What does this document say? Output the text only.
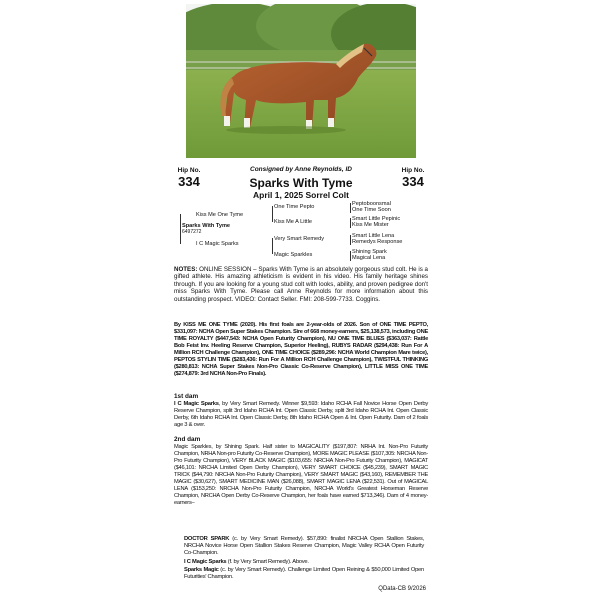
Consigned by Anne Reynolds, ID
Hip No.
334
Hip No.
334
Sparks With Tyme
April 1, 2025 Sorrel Colt
One Time Pepto	Peptoboonsmal
One Time Soon
Kiss Me One Tyme
Kiss Me A Little	Smart Little Pepinic
Kiss Me Mister
Sparks With Tyme
6497272
Very Smart Remedy	Smart Little Lena
Remedys Response
I C Magic Sparks
Magic Sparkles	Shining Spark
Magical Lena
NOTES: ONLINE SESSION – Sparks With Tyme is an absolutely gorgeous stud colt. He is a gifted athlete. His amazing athleticism is evident in his video. His family heritage shines through. If you are looking for a young stud colt with looks, ability, and proven pedigree don't miss Sparks With Tyme. Please call Anne Reynolds for more information about this outstanding prospect. VIDEO: Contact Seller. FMI: 208-599-7733. Coggins.
By KISS ME ONE TYME (2020). His first foals are 2-year-olds of 2026. Son of ONE TIME PEPTO, $331,097: NCHA Open Super Stakes Champion. Sire of 668 money-earners, $25,138,573, including ONE TIME ROYALTY ($447,543: NCHA Open Futurity Champion), NU ONE TIME BLUES ($363,037: Rattle Bob Feist Inv. Heeling Reserve Champion, Superior Heeling), RUBYS RADAR ($294,438: Run For A Million RCH Challenge Champion), ONE TIME CHOICE ($289,296: NCHA World Champion Mare twice), PEPTOS STYLIN TIME ($283,436: Run For A Million RCH Challenge Champion), TWISTFUL THINKING ($280,813: NCHA Super Stakes Non-Pro Classic Co-Reserve Champion), LITTLE MISS ONE TIME ($274,879: 3rd NCHA Non-Pro Finals).
1st dam
I C Magic Sparks, by Very Smart Remedy. Winner $9,593: Idaho RCHA Fall Novice Horse Open Derby Reserve Champion, split 3rd Idaho RCHA Int. Open Classic Derby, split 3rd Idaho RCHA Int. Open Classic Derby, 6th Idaho RCHA Int. Open Classic Derby, 8th Idaho RCHA Open & Int. Open Futurity. Dam of 2 foals age 3 & over.
2nd dam
Magic Sparkles, by Shining Spark. Half sister to MAGICALITY ($197,807: NRHA Int. Non-Pro Futurity Champion, NRHA Non-pro Futurity Co-Reserve Champion), MORE MAGIC PLEASE ($107,305: NRCHA Non-Pro Futurity Champion), VERY BLACK MAGIC ($103,655: NRCHA Non-Pro Futurity Champion), MAGICAT ($46,101: NRCHA Limited Open Derby Champion), VERY SMART CHOICE ($45,239), SMART MAGIC TRICK ($44,790: NRCHA Non-Pro Futurity Champion), VERY SMART MAGIC ($43,160), REMEMBER THE MAGIC ($30,627), SMART MEDICINE MAN ($26,088), SMART MAGIC LENA ($22,531). Out of MAGICAL LENA ($153,250: NRCHA Non-Pro Futurity Champion, NRCHA World's Greatest Horseman Reserve Champion, NRCHA Open Derby Co-Reserve Champion, her foals have earned $713,346). Dam of 4 money-earners–
DOCTOR SPARK (c. by Very Smart Remedy). $57,890: finalist NRCHA Open Stallion Stakes, NRCHA Novice Horse Open Stallion Stakes Reserve Champion, Magic Valley RCHA Open Futurity Co-Champion.
I C Magic Sparks (f. by Very Smart Remedy). Above.
Sparks Magic (c. by Very Smart Remedy). Challenge Limited Open Reining & $50,000 Limited Open Futurities' Champion.
QData-CB 9/2026
